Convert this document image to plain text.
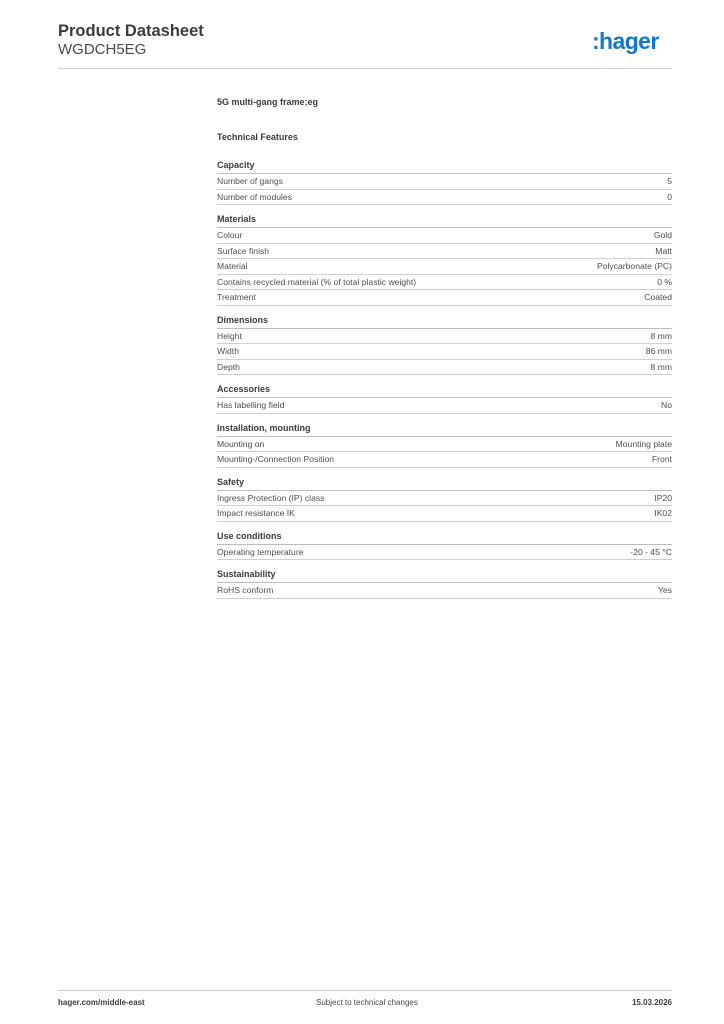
Product Datasheet
WGDCH5EG	:hager
5G multi-gang frame;eg
Technical Features
Capacity
Number of gangs	5
Number of modules	0
Materials
Colour	Gold
Surface finish	Matt
Material	Polycarbonate (PC)
Contains recycled material (% of total plastic weight)	0 %
Treatment	Coated
Dimensions
Height	8 mm
Width	86 mm
Depth	8 mm
Accessories
Has labelling field	No
Installation, mounting
Mounting on	Mounting plate
Mounting-/Connection Position	Front
Safety
Ingress Protection (IP) class	IP20
Impact resistance IK	IK02
Use conditions
Operating temperature	-20 - 45 °C
Sustainability
RoHS conform	Yes
hager.com/middle-east	Subject to technical changes	15.03.2026
